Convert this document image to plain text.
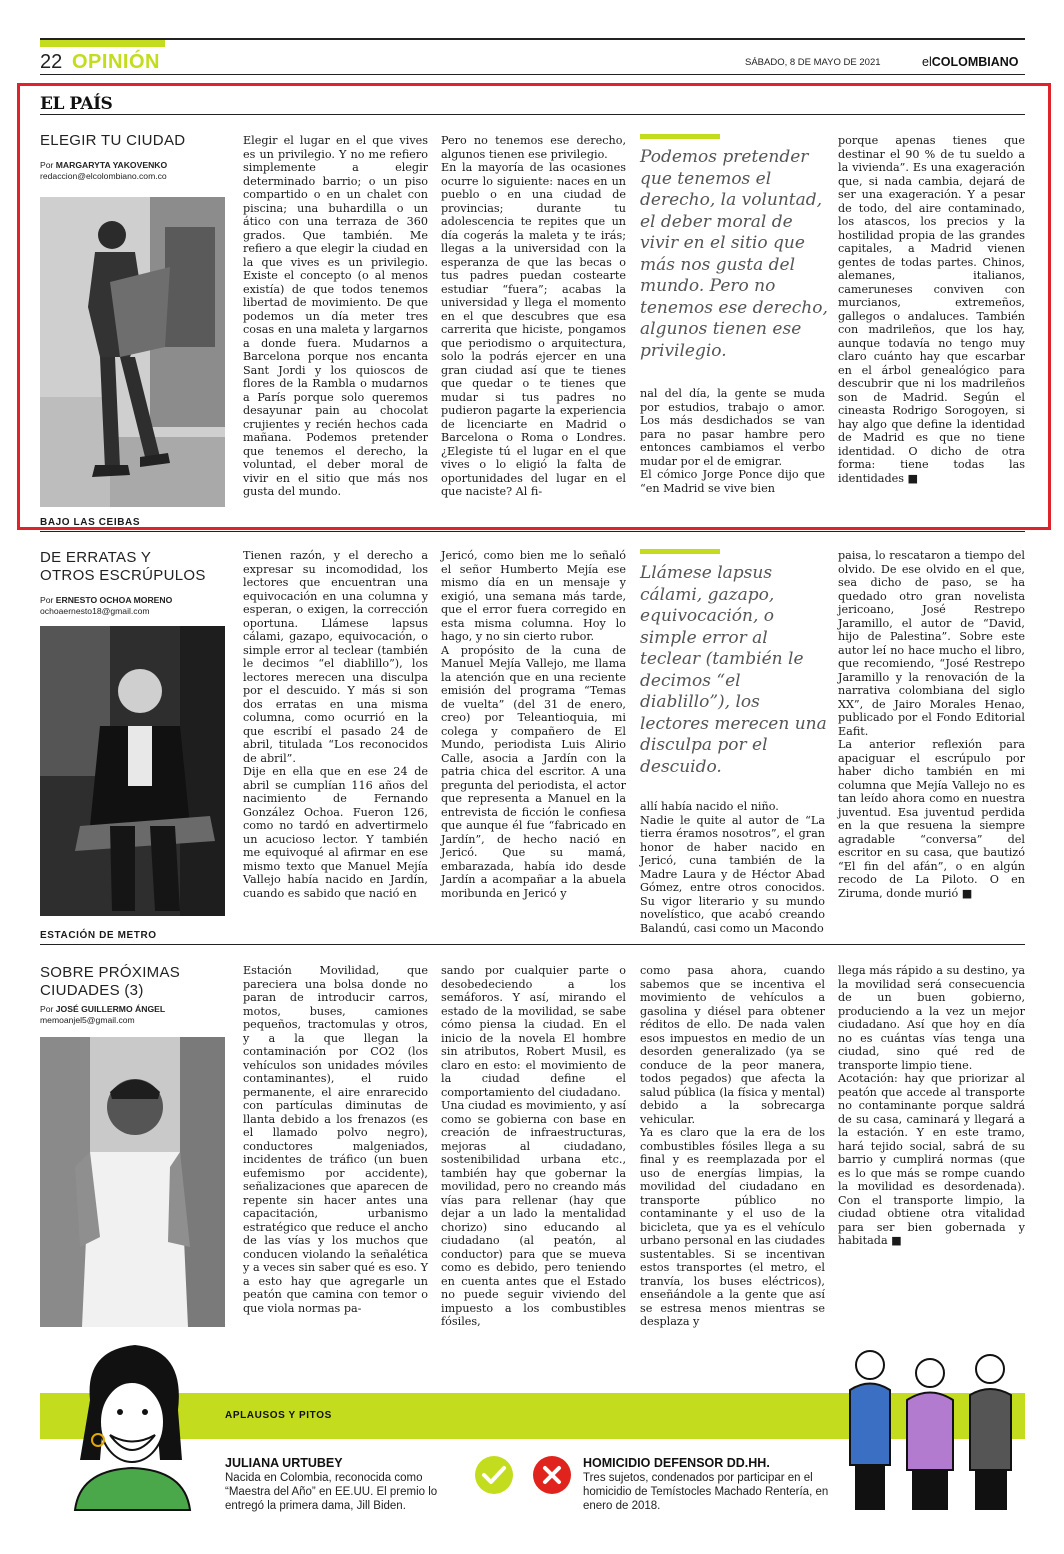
22 OPINIÓN	SÁBADO, 8 DE MAYO DE 2021	elCOLOMBIANO
EL PAÍS
ELEGIR TU CIUDAD
Por MARGARYTA YAKOVENKO
redaccion@elcolombiano.com.co
Elegir el lugar en el que vives es un privilegio. Y no me refiero simplemente a elegir determinado barrio; o un piso compartido o en un chalet con piscina; una buhardilla o un ático con una terraza de 360 grados. Que también. Me refiero a que elegir la ciudad en la que vives es un privilegio. Existe el concepto (o al menos existía) de que todos tenemos libertad de movimiento. De que podemos un día meter tres cosas en una maleta y largarnos a donde fuera. Mudarnos a Barcelona porque nos encanta Sant Jordi y los quioscos de flores de la Rambla o mudarnos a París porque solo queremos desayunar pain au chocolat crujientes y recién hechos cada mañana. Podemos pretender que tenemos el derecho, la voluntad, el deber moral de vivir en el sitio que más nos gusta del mundo.
Pero no tenemos ese derecho, algunos tienen ese privilegio.
En la mayoría de las ocasiones ocurre lo siguiente: naces en un pueblo o en una ciudad de provincias; durante tu adolescencia te repites que un día cogerás la maleta y te irás; llegas a la universidad con la esperanza de que las becas o tus padres puedan costearte estudiar “fuera”; acabas la universidad y llega el momento en el que descubres que esa carrerita que hiciste, pongamos que periodismo o arquitectura, solo la podrás ejercer en una gran ciudad así que te tienes que quedar o te tienes que mudar si tus padres no pudieron pagarte la experiencia de licenciarte en Madrid o Barcelona o Roma o Londres. ¿Elegiste tú el lugar en el que vives o lo eligió la falta de oportunidades del lugar en el que naciste? Al fi-
Podemos pretender que tenemos el derecho, la voluntad, el deber moral de vivir en el sitio que más nos gusta del mundo. Pero no tenemos ese derecho, algunos tienen ese privilegio.
nal del día, la gente se muda por estudios, trabajo o amor. Los más desdichados se van para no pasar hambre pero entonces cambiamos el verbo mudar por el de emigrar.
El cómico Jorge Ponce dijo que “en Madrid se vive bien
porque apenas tienes que destinar el 90 % de tu sueldo a la vivienda”. Es una exageración que, si nada cambia, dejará de ser una exageración. Y a pesar de todo, del aire contaminado, los atascos, los precios y la hostilidad propia de las grandes capitales, a Madrid vienen gentes de todas partes. Chinos, alemanes, italianos, cameruneses conviven con murcianos, extremeños, gallegos o andaluces. También con madrileños, que los hay, aunque todavía no tengo muy claro cuánto hay que escarbar en el árbol genealógico para descubrir que ni los madrileños son de Madrid. Según el cineasta Rodrigo Sorogoyen, si hay algo que define la identidad de Madrid es que no tiene identidad. O dicho de otra forma: tiene todas las identidades ■
BAJO LAS CEIBAS
DE ERRATAS Y
OTROS ESCRÚPULOS
Por ERNESTO OCHOA MORENO
ochoaernesto18@gmail.com
Tienen razón, y el derecho a expresar su incomodidad, los lectores que encuentran una equivocación en una columna y esperan, o exigen, la corrección oportuna. Llámese lapsus cálami, gazapo, equivocación, o simple error al teclear (también le decimos “el diablillo”), los lectores merecen una disculpa por el descuido. Y más si son dos erratas en una misma columna, como ocurrió en la que escribí el pasado 24 de abril, titulada “Los reconocidos de abril”.
Dije en ella que en ese 24 de abril se cumplían 116 años del nacimiento de Fernando González Ochoa. Fueron 126, como no tardó en advertirmelo un acucioso lector. Y también me equivoqué al afirmar en ese mismo texto que Manuel Mejía Vallejo había nacido en Jardín, cuando es sabido que nació en
Jericó, como bien me lo señaló el señor Humberto Mejía ese mismo día en un mensaje y exigió, una semana más tarde, que el error fuera corregido en esta misma columna. Hoy lo hago, y no sin cierto rubor.
A propósito de la cuna de Manuel Mejía Vallejo, me llama la atención que en una reciente emisión del programa “Temas de vuelta” (del 31 de enero, creo) por Teleantioquia, mi colega y compañero de El Mundo, periodista Luis Alirio Calle, asocia a Jardín con la patria chica del escritor. A una pregunta del periodista, el actor que representa a Manuel en la entrevista de ficción le confiesa que aunque él fue “fabricado en Jardín”, de hecho nació en Jericó. Que su mamá, embarazada, había ido desde Jardín a acompañar a la abuela moribunda en Jericó y
Llámese lapsus cálami, gazapo, equivocación, o simple error al teclear (también le decimos “el diablillo”), los lectores merecen una disculpa por el descuido.
allí había nacido el niño.
Nadie le quite al autor de “La tierra éramos nosotros”, el gran honor de haber nacido en Jericó, cuna también de la Madre Laura y de Héctor Abad Gómez, entre otros conocidos. Su vigor literario y su mundo novelístico, que acabó creando Balandú, casi como un Macondo
paisa, lo rescataron a tiempo del olvido. De ese olvido en el que, sea dicho de paso, se ha quedado otro gran novelista jericoano, José Restrepo Jaramillo, el autor de “David, hijo de Palestina”. Sobre este autor leí no hace mucho el libro, que recomiendo, “José Restrepo Jaramillo y la renovación de la narrativa colombiana del siglo XX”, de Jairo Morales Henao, publicado por el Fondo Editorial Eafit.
La anterior reflexión para apaciguar el escrúpulo por haber dicho también en mi columna que Mejía Vallejo no es tan leído ahora como en nuestra juventud. Esa juventud perdida en la que resuena la siempre agradable “conversa” del escritor en su casa, que bautizó “El fin del afán”, o en algún recodo de La Piloto. O en Ziruma, donde murió ■
ESTACIÓN DE METRO
SOBRE PRÓXIMAS
CIUDADES (3)
Por JOSÉ GUILLERMO ÁNGEL
memoanjel5@gmail.com
Estación Movilidad, que pareciera una bolsa donde no paran de introducir carros, motos, buses, camiones pequeños, tractomulas y otros, y a la que llegan la contaminación por CO2 (los vehículos son unidades móviles contaminantes), el ruido permanente, el aire enrarecido con partículas diminutas de llanta debido a los frenazos (es el llamado polvo negro), conductores malgeniados, incidentes de tráfico (un buen eufemismo por accidente), señalizaciones que aparecen de repente sin hacer antes una capacitación, urbanismo estratégico que reduce el ancho de las vías y los muchos que conducen violando la señalética y a veces sin saber qué es eso. Y a esto hay que agregarle un peatón que camina con temor o que viola normas pa-
sando por cualquier parte o desobedeciendo a los semáforos. Y así, mirando el estado de la movilidad, se sabe cómo piensa la ciudad. En el inicio de la novela El hombre sin atributos, Robert Musil, es claro en esto: el movimiento de la ciudad define el comportamiento del ciudadano.
Una ciudad es movimiento, y así como se gobierna con base en creación de infraestructuras, mejoras al ciudadano, sostenibilidad urbana etc., también hay que gobernar la movilidad, pero no creando más vías para rellenar (hay que dejar a un lado la mentalidad chorizo) sino educando al ciudadano (al peatón, al conductor) para que se mueva como es debido, pero teniendo en cuenta antes que el Estado no puede seguir viviendo del impuesto a los combustibles fósiles,
como pasa ahora, cuando sabemos que se incentiva el movimiento de vehículos a gasolina y diésel para obtener réditos de ello. De nada valen esos impuestos en medio de un desorden generalizado (ya se conduce de la peor manera, todos pegados) que afecta la salud pública (la física y mental) debido a la sobrecarga vehicular.
Ya es claro que la era de los combustibles fósiles llega a su final y es reemplazada por el uso de energías limpias, la movilidad del ciudadano en transporte público no contaminante y el uso de la bicicleta, que ya es el vehículo urbano personal en las ciudades sustentables. Si se incentivan estos transportes (el metro, el tranvía, los buses eléctricos), enseñándole a la gente que así se estresa menos mientras se desplaza y
llega más rápido a su destino, ya la movilidad será consecuencia de un buen gobierno, produciendo a la vez un mejor ciudadano. Así que hoy en día no es cuántas vías tenga una ciudad, sino qué red de transporte limpio tiene.
Acotación: hay que priorizar al peatón que accede al transporte no contaminante porque saldrá de su casa, caminará y llegará a la estación. Y en este tramo, hará tejido social, sabrá de su barrio y cumplirá normas (que es lo que más se rompe cuando la movilidad es desordenada). Con el transporte limpio, la ciudad obtiene otra vitalidad para ser bien gobernada y habitada ■
APLAUSOS Y PITOS
JULIANA URTUBEY
Nacida en Colombia, reconocida como “Maestra del Año” en EE.UU. El premio lo entregó la primera dama, Jill Biden.
HOMICIDIO DEFENSOR DD.HH.
Tres sujetos, condenados por participar en el homicidio de Temístocles Machado Rentería, en enero de 2018.
